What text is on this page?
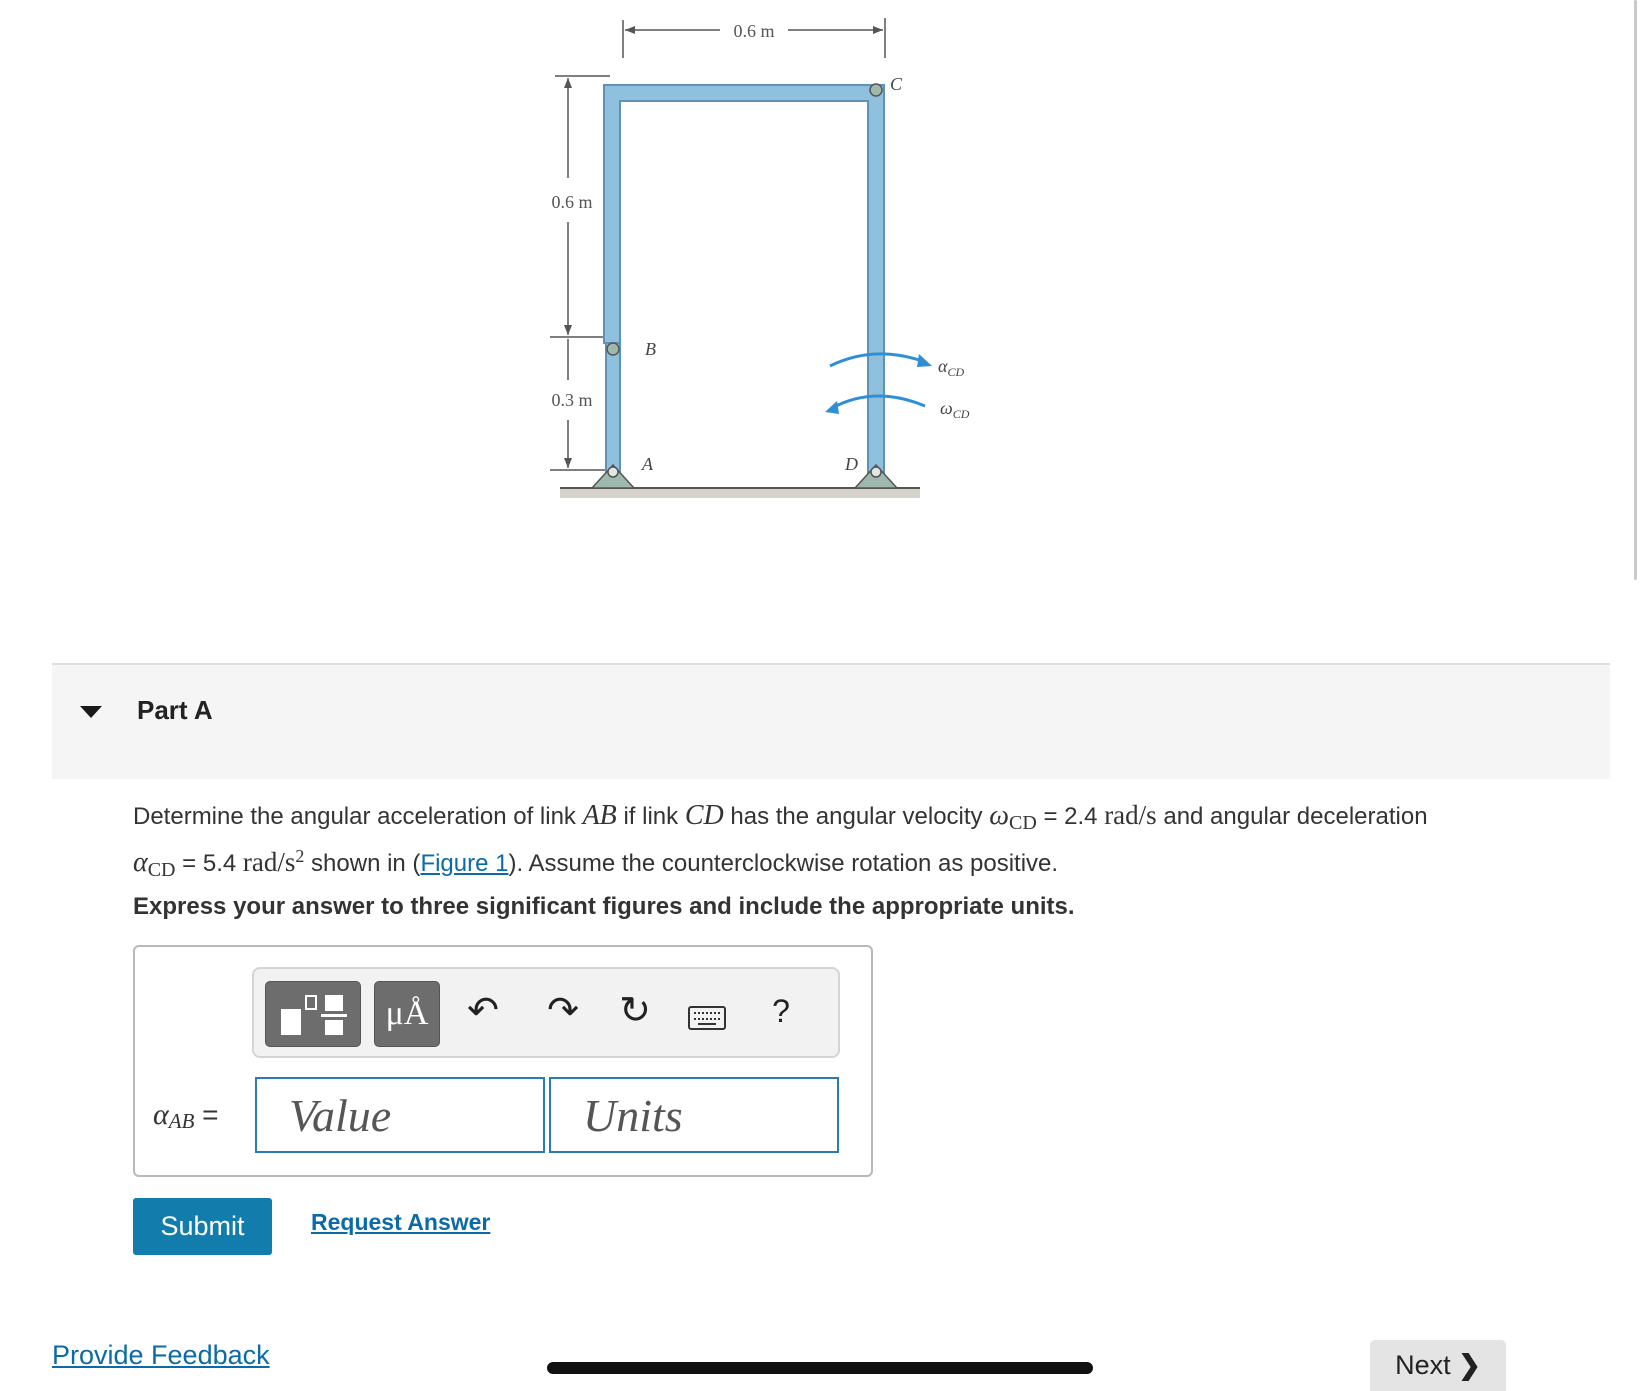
0.6 m
0.6 m
0.3 m
C
B
A	D
$\alpha_{CD}$
$\omega_{CD}$
Part A
Determine the angular acceleration of link AB if link CD has the angular velocity $\omega_{CD} = 2.4$ rad/s and angular deceleration
$\alpha_{CD} = 5.4$ rad/$s^2$ shown in (Figure 1). Assume the counterclockwise rotation as positive.
Express your answer to three significant figures and include the appropriate units.
μÅ ↶ ↷ ↻	?
αAB =
Value
Units
Submit	Request Answer
Provide Feedback	Next ❯
